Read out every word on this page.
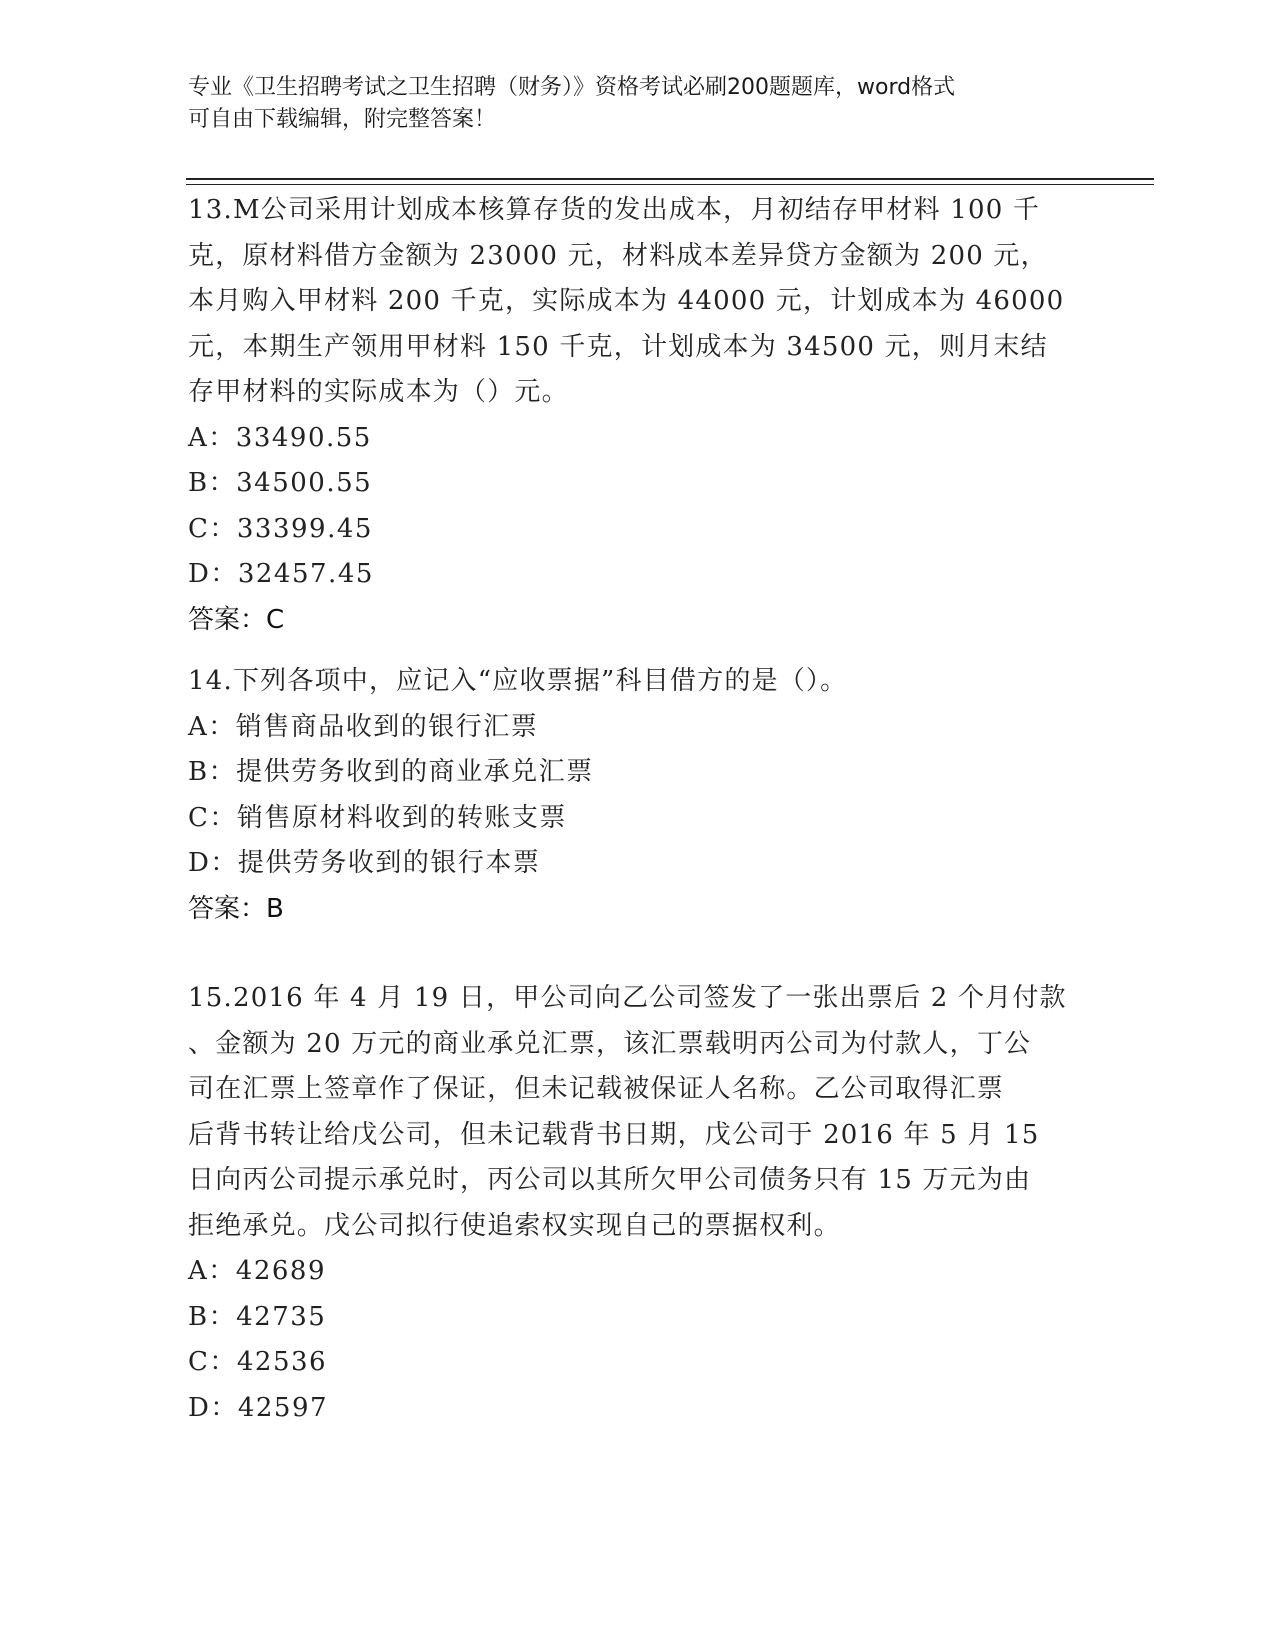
专业《卫生招聘考试之卫生招聘（财务）》资格考试必刷200题题库，word格式
可自由下载编辑，附完整答案！
13.M公司采用计划成本核算存货的发出成本，月初结存甲材料 100 千
克，原材料借方金额为 23000 元，材料成本差异贷方金额为 200 元，
本月购入甲材料 200 千克，实际成本为 44000 元，计划成本为 46000
元，本期生产领用甲材料 150 千克，计划成本为 34500 元，则月末结
存甲材料的实际成本为（）元。
A：33490.55
B：34500.55
C：33399.45
D：32457.45
答案：C
14.下列各项中，应记入“应收票据”科目借方的是（）。
A：销售商品收到的银行汇票
B：提供劳务收到的商业承兑汇票
C：销售原材料收到的转账支票
D：提供劳务收到的银行本票
答案：B
15.2016 年 4 月 19 日，甲公司向乙公司签发了一张出票后 2 个月付款
、金额为 20 万元的商业承兑汇票，该汇票载明丙公司为付款人，丁公
司在汇票上签章作了保证，但未记载被保证人名称。乙公司取得汇票
后背书转让给戊公司，但未记载背书日期，戊公司于 2016 年 5 月 15
日向丙公司提示承兑时，丙公司以其所欠甲公司债务只有 15 万元为由
拒绝承兑。戊公司拟行使追索权实现自己的票据权利。
A：42689
B：42735
C：42536
D：42597
